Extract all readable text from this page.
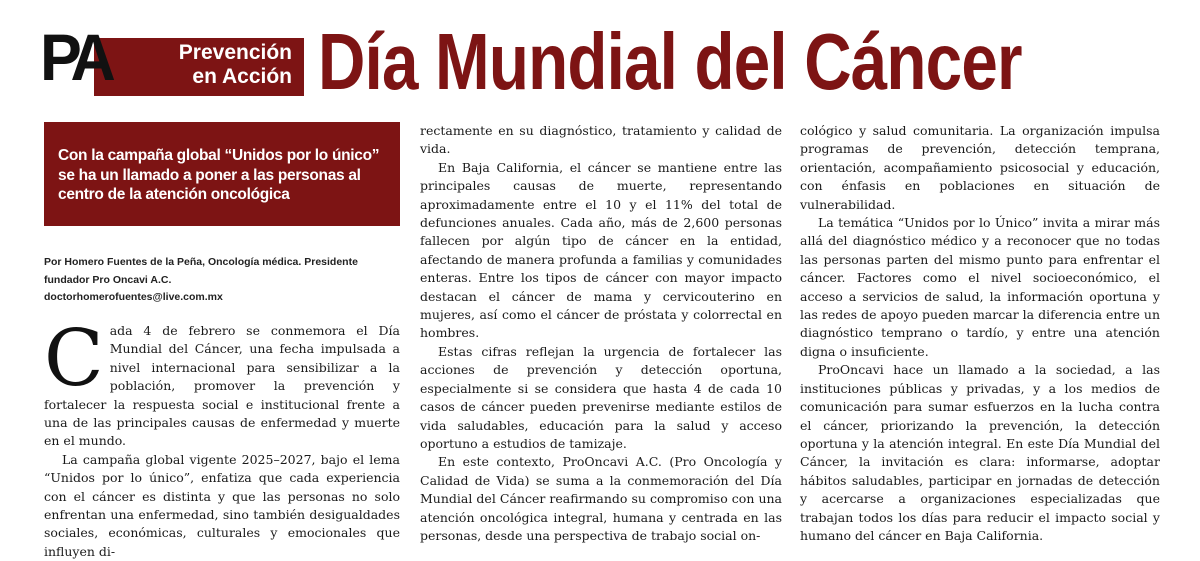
PA	Prevención
en Acción Día Mundial del Cáncer
Con la campaña global “Unidos por lo único” se ha un llamado a poner a las personas al centro de la atención oncológica
Por Homero Fuentes de la Peña, Oncología médica. Presidente fundador Pro Oncavi A.C.
doctorhomerofuentes@live.com.mx

Cada 4 de febrero se conmemora el Día Mundial del Cáncer, una fecha impulsada a nivel internacional para sensibilizar a la población, promover la prevención y fortalecer la respuesta social e institucional frente a una de las principales causas de enfermedad y muerte en el mundo.

La campaña global vigente 2025–2027, bajo el lema “Unidos por lo único”, enfatiza que cada experiencia con el cáncer es distinta y que las personas no solo enfrentan una enfermedad, sino también desigualdades sociales, económicas, culturales y emocionales que influyen di-

rectamente en su diagnóstico, tratamiento y calidad de vida.

En Baja California, el cáncer se mantiene entre las principales causas de muerte, representando aproximadamente entre el 10 y el 11% del total de defunciones anuales. Cada año, más de 2,600 personas fallecen por algún tipo de cáncer en la entidad, afectando de manera profunda a familias y comunidades enteras. Entre los tipos de cáncer con mayor impacto destacan el cáncer de mama y cervicouterino en mujeres, así como el cáncer de próstata y colorrectal en hombres.

Estas cifras reflejan la urgencia de fortalecer las acciones de prevención y detección oportuna, especialmente si se considera que hasta 4 de cada 10 casos de cáncer pueden prevenirse mediante estilos de vida saludables, educación para la salud y acceso oportuno a estudios de tamizaje.

En este contexto, ProOncavi A.C. (Pro Oncología y Calidad de Vida) se suma a la conmemoración del Día Mundial del Cáncer reafirmando su compromiso con una atención oncológica integral, humana y centrada en las personas, desde una perspectiva de trabajo social on-

cológico y salud comunitaria. La organización impulsa programas de prevención, detección temprana, orientación, acompañamiento psicosocial y educación, con énfasis en poblaciones en situación de vulnerabilidad.

La temática “Unidos por lo Único” invita a mirar más allá del diagnóstico médico y a reconocer que no todas las personas parten del mismo punto para enfrentar el cáncer. Factores como el nivel socioeconómico, el acceso a servicios de salud, la información oportuna y las redes de apoyo pueden marcar la diferencia entre un diagnóstico temprano o tardío, y entre una atención digna o insuficiente.

ProOncavi hace un llamado a la sociedad, a las instituciones públicas y privadas, y a los medios de comunicación para sumar esfuerzos en la lucha contra el cáncer, priorizando la prevención, la detección oportuna y la atención integral. En este Día Mundial del Cáncer, la invitación es clara: informarse, adoptar hábitos saludables, participar en jornadas de detección y acercarse a organizaciones especializadas que trabajan todos los días para reducir el impacto social y humano del cáncer en Baja California.
